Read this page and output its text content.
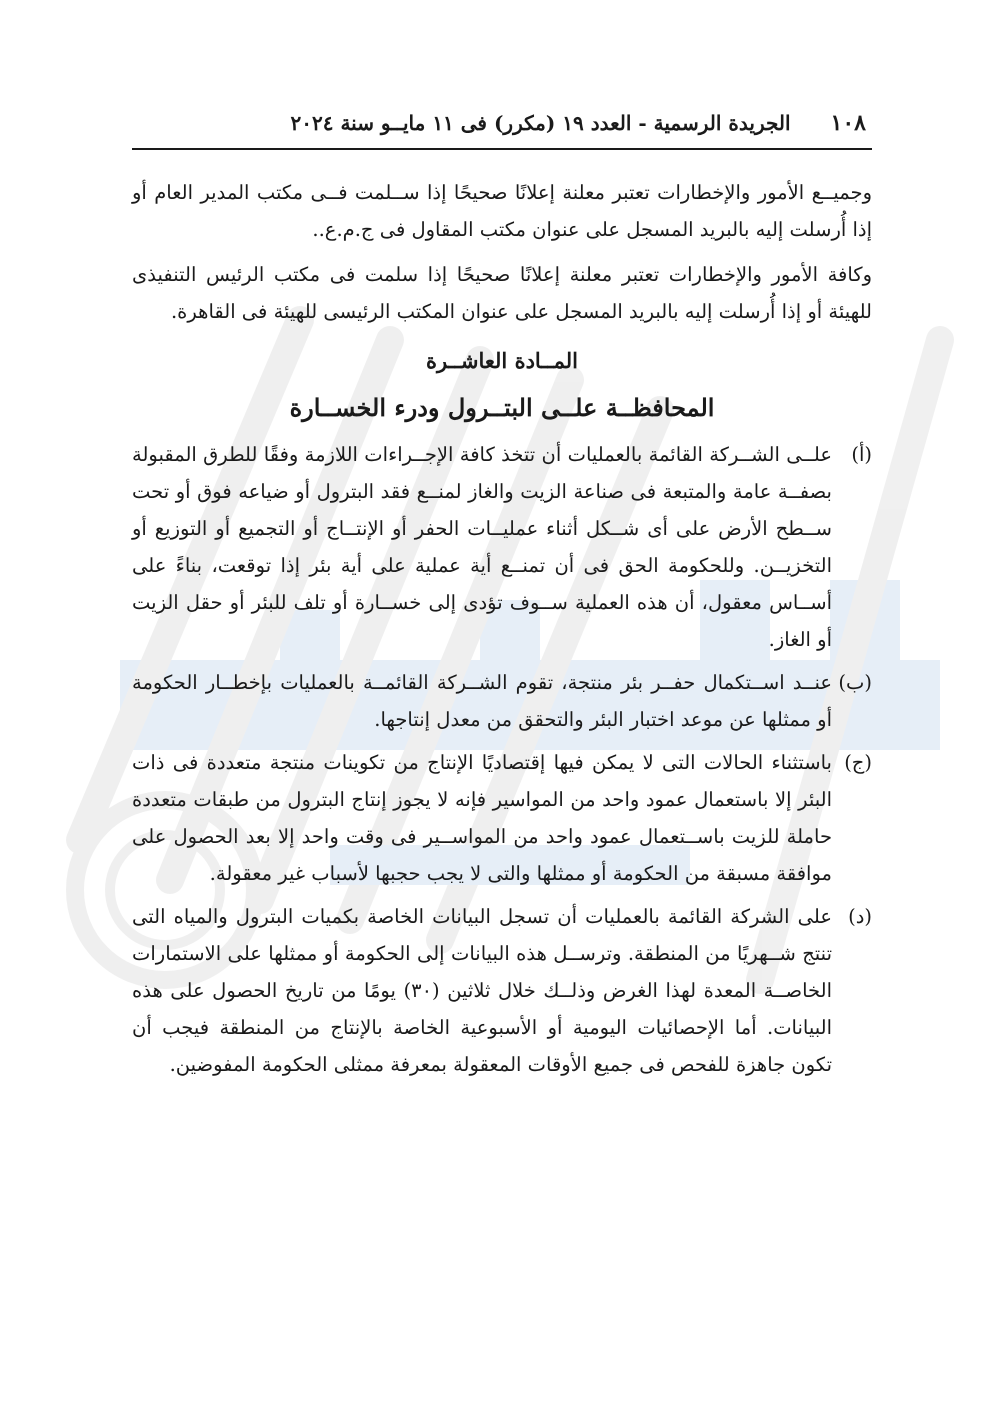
١٠٨
الجريدة الرسمية - العدد ١٩ (مكرر) فى ١١ مايــو سنة ٢٠٢٤

وجميــع الأمور والإخطارات تعتبر معلنة إعلانًا صحيحًا إذا ســلمت فــى مكتب المدير العام أو إذا أُرسلت إليه بالبريد المسجل على عنوان مكتب المقاول فى ج.م.ع..

وكافة الأمور والإخطارات تعتبر معلنة إعلانًا صحيحًا إذا سلمت فى مكتب الرئيس التنفيذى للهيئة أو إذا أُرسلت إليه بالبريد المسجل على عنوان المكتب الرئيسى للهيئة فى القاهرة.

المــادة العاشــرة

المحافظــة علــى البتــرول ودرء الخســارة

(أ)

علــى الشــركة القائمة بالعمليات أن تتخذ كافة الإجــراءات اللازمة وفقًا للطرق المقبولة بصفــة عامة والمتبعة فى صناعة الزيت والغاز لمنــع فقد البترول أو ضياعه فوق أو تحت ســطح الأرض على أى شــكل أثناء عمليــات الحفر أو الإنتــاج أو التجميع أو التوزيع أو التخزيــن. وللحكومة الحق فى أن تمنــع أية عملية على أية بئر إذا توقعت، بناءً على أســاس معقول، أن هذه العملية ســوف تؤدى إلى خســارة أو تلف للبئر أو حقل الزيت أو الغاز.

(ب)

عنــد اســتكمال حفــر بئر منتجة، تقوم الشــركة القائمــة بالعمليات بإخطــار الحكومة أو ممثلها عن موعد اختبار البئر والتحقق من معدل إنتاجها.

(ج)

باستثناء الحالات التى لا يمكن فيها إقتصاديًا الإنتاج من تكوينات منتجة متعددة فى ذات البئر إلا باستعمال عمود واحد من المواسير فإنه لا يجوز إنتاج البترول من طبقات متعددة حاملة للزيت باســتعمال عمود واحد من المواســير فى وقت واحد إلا بعد الحصول على موافقة مسبقة من الحكومة أو ممثلها والتى لا يجب حجبها لأسباب غير معقولة.

(د)

على الشركة القائمة بالعمليات أن تسجل البيانات الخاصة بكميات البترول والمياه التى تنتج شــهريًا من المنطقة. وترســل هذه البيانات إلى الحكومة أو ممثلها على الاستمارات الخاصــة المعدة لهذا الغرض وذلــك خلال ثلاثين (٣٠) يومًا من تاريخ الحصول على هذه البيانات. أما الإحصائيات اليومية أو الأسبوعية الخاصة بالإنتاج من المنطقة فيجب أن تكون جاهزة للفحص فى جميع الأوقات المعقولة بمعرفة ممثلى الحكومة المفوضين.
